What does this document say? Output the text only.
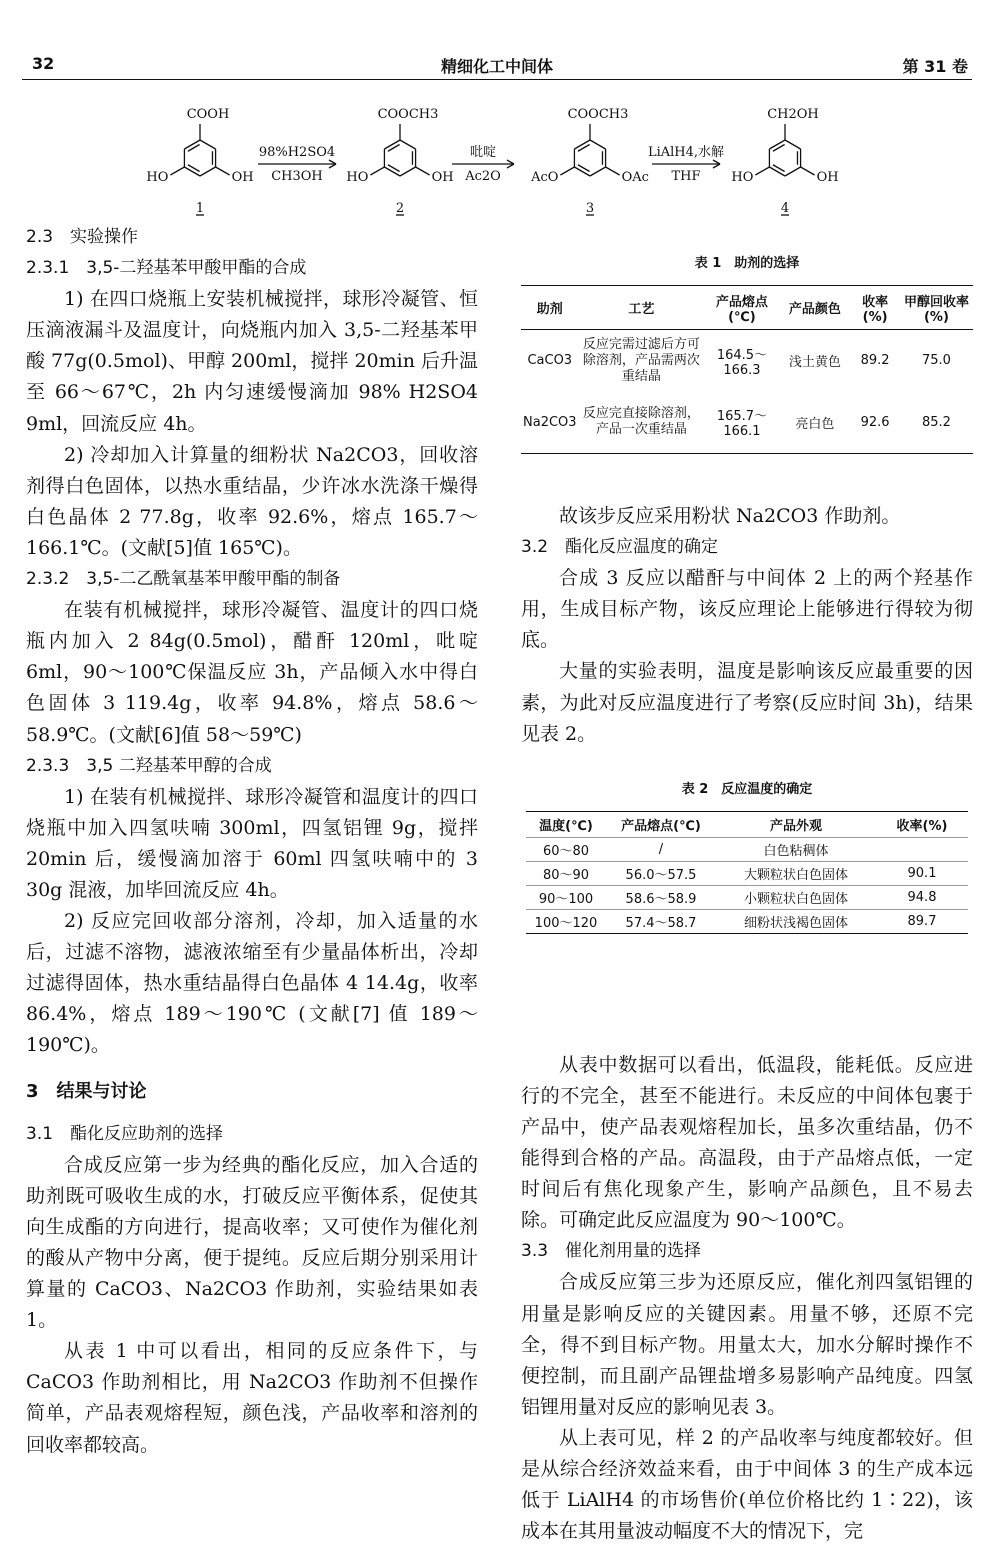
32	精细化工中间体	第 31 卷
COOH
HO	OH
1
COOCH3
HO	OH
2
COOCH3
AcO	OAc
3
CH2OH
HO	OH
4
98%H2SO4
CH3OH
吡啶
Ac2O
LiAlH4,水解
THF
2.3　实验操作
2.3.1　3,5-二羟基苯甲酸甲酯的合成
1) 在四口烧瓶上安装机械搅拌，球形冷凝管、恒压滴液漏斗及温度计，向烧瓶内加入 3,5-二羟基苯甲酸 77g(0.5mol)、甲醇 200ml，搅拌 20min 后升温至 66～67℃，2h 内匀速缓慢滴加 98% H2SO4 9ml，回流反应 4h。
2) 冷却加入计算量的细粉状 Na2CO3，回收溶剂得白色固体，以热水重结晶，少许冰水洗涤干燥得白色晶体 2 77.8g，收率 92.6%，熔点 165.7～166.1℃。(文献[5]值 165℃)。
2.3.2　3,5-二乙酰氧基苯甲酸甲酯的制备
在装有机械搅拌，球形冷凝管、温度计的四口烧瓶内加入 2 84g(0.5mol)，醋酐 120ml，吡啶 6ml，90～100℃保温反应 3h，产品倾入水中得白色固体 3 119.4g，收率 94.8%，熔点 58.6～58.9℃。(文献[6]值 58～59℃)
2.3.3　3,5 二羟基苯甲醇的合成
1) 在装有机械搅拌、球形冷凝管和温度计的四口烧瓶中加入四氢呋喃 300ml，四氢铝锂 9g，搅拌 20min 后，缓慢滴加溶于 60ml 四氢呋喃中的 3 30g 混液，加毕回流反应 4h。
2) 反应完回收部分溶剂，冷却，加入适量的水后，过滤不溶物，滤液浓缩至有少量晶体析出，冷却过滤得固体，热水重结晶得白色晶体 4 14.4g，收率 86.4%，熔点 189～190℃ (文献[7] 值 189～190℃)。
3　结果与讨论
3.1　酯化反应助剂的选择
合成反应第一步为经典的酯化反应，加入合适的助剂既可吸收生成的水，打破反应平衡体系，促使其向生成酯的方向进行，提高收率；又可使作为催化剂的酸从产物中分离，便于提纯。反应后期分别采用计算量的 CaCO3、Na2CO3 作助剂，实验结果如表 1。
从表 1 中可以看出，相同的反应条件下，与 CaCO3 作助剂相比，用 Na2CO3 作助剂不但操作简单，产品表观熔程短，颜色浅，产品收率和溶剂的回收率都较高。
表 1　助剂的选择
助剂	工艺	产品熔点(℃)	产品颜色	收率(%)	甲醇回收率(%)
CaCO3	反应完需过滤后方可除溶剂，产品需两次重结晶	164.5～166.3	浅土黄色	89.2	75.0
Na2CO3	反应完直接除溶剂，产品一次重结晶	165.7～166.1	亮白色	92.6	85.2
故该步反应采用粉状 Na2CO3 作助剂。
3.2　酯化反应温度的确定
合成 3 反应以醋酐与中间体 2 上的两个羟基作用，生成目标产物，该反应理论上能够进行得较为彻底。
大量的实验表明，温度是影响该反应最重要的因素，为此对反应温度进行了考察(反应时间 3h)，结果见表 2。
从表中数据可以看出，低温段，能耗低。反应进行的不完全，甚至不能进行。未反应的中间体包裹于产品中，使产品表观熔程加长，虽多次重结晶，仍不能得到合格的产品。高温段，由于产品熔点低，一定时间后有焦化现象产生，影响产品颜色，且不易去除。可确定此反应温度为 90～100℃。
3.3　催化剂用量的选择
合成反应第三步为还原反应，催化剂四氢铝锂的用量是影响反应的关键因素。用量不够，还原不完全，得不到目标产物。用量太大，加水分解时操作不便控制，而且副产品锂盐增多易影响产品纯度。四氢铝锂用量对反应的影响见表 3。
从上表可见，样 2 的产品收率与纯度都较好。但是从综合经济效益来看，由于中间体 3 的生产成本远低于 LiAlH4 的市场售价(单位价格比约 1∶22)，该成本在其用量波动幅度不大的情况下，完
表 2　反应温度的确定
温度(℃)	产品熔点(℃)	产品外观	收率(%)
60～80	/	白色粘稠体	
80～90	56.0～57.5	大颗粒状白色固体	90.1
90～100	58.6～58.9	小颗粒状白色固体	94.8
100～120	57.4～58.7	细粉状浅褐色固体	89.7
